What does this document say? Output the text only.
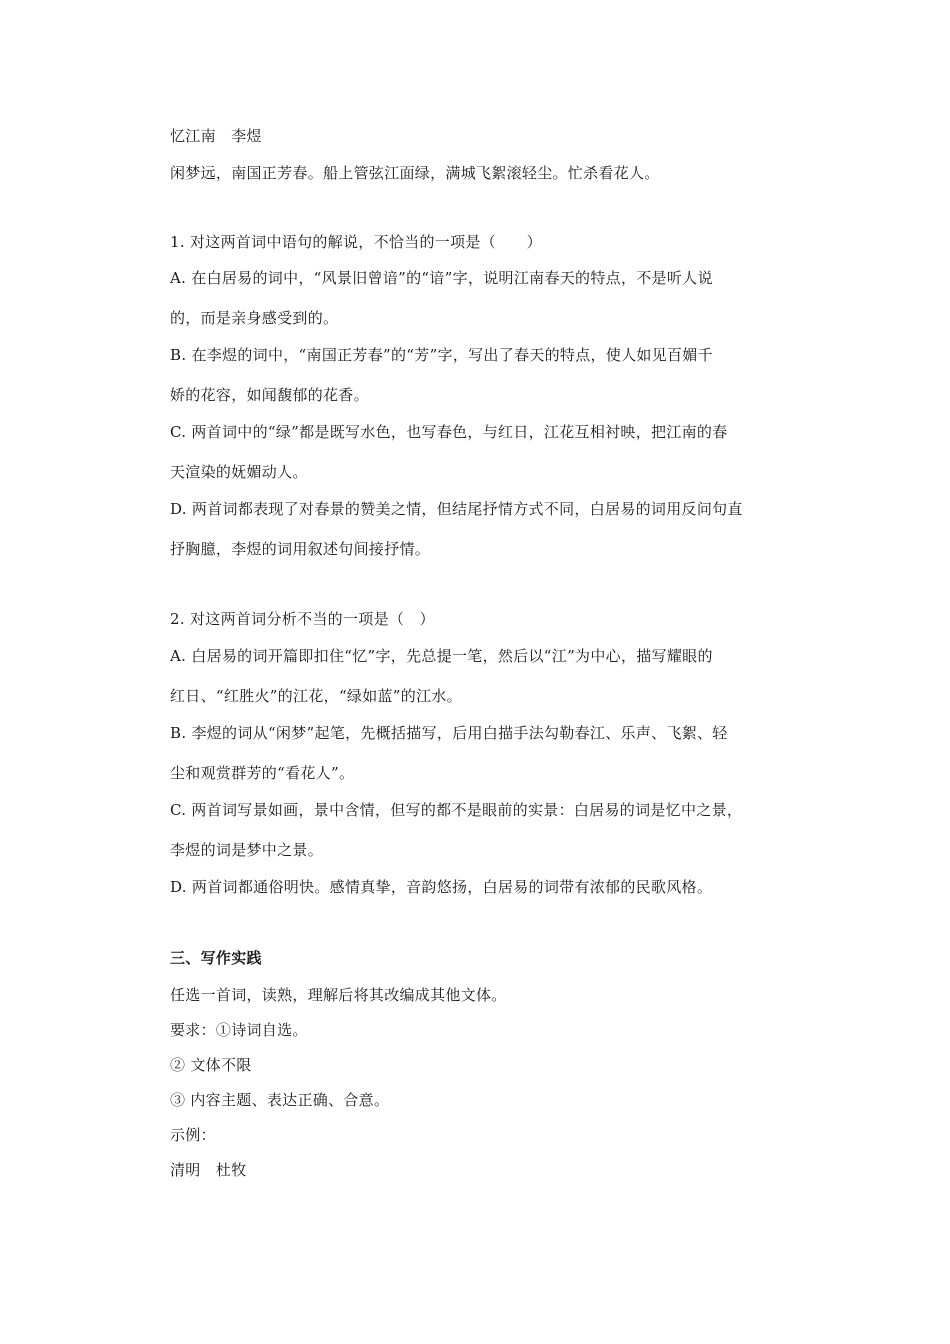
忆江南　李煜
闲梦远，南国正芳春。船上管弦江面绿，满城飞絮滚轻尘。忙杀看花人。
1. 对这两首词中语句的解说，不恰当的一项是（　　）
A. 在白居易的词中，“风景旧曾谙”的“谙”字，说明江南春天的特点，不是听人说
的，而是亲身感受到的。
B. 在李煜的词中，“南国正芳春”的“芳”字，写出了春天的特点，使人如见百媚千
娇的花容，如闻馥郁的花香。
C. 两首词中的“绿”都是既写水色，也写春色，与红日，江花互相衬映，把江南的春
天渲染的妩媚动人。
D. 两首词都表现了对春景的赞美之情，但结尾抒情方式不同，白居易的词用反问句直
抒胸臆，李煜的词用叙述句间接抒情。
2. 对这两首词分析不当的一项是（　）
A. 白居易的词开篇即扣住“忆”字，先总提一笔，然后以“江”为中心，描写耀眼的
红日、“红胜火”的江花，“绿如蓝”的江水。
B. 李煜的词从“闲梦”起笔，先概括描写，后用白描手法勾勒春江、乐声、飞絮、轻
尘和观赏群芳的“看花人”。
C. 两首词写景如画，景中含情，但写的都不是眼前的实景：白居易的词是忆中之景，
李煜的词是梦中之景。
D. 两首词都通俗明快。感情真挚，音韵悠扬，白居易的词带有浓郁的民歌风格。
三、写作实践
任选一首词，读熟，理解后将其改编成其他文体。
要求：①诗词自选。
② 文体不限
③ 内容主题、表达正确、合意。
示例：
清明　杜牧
